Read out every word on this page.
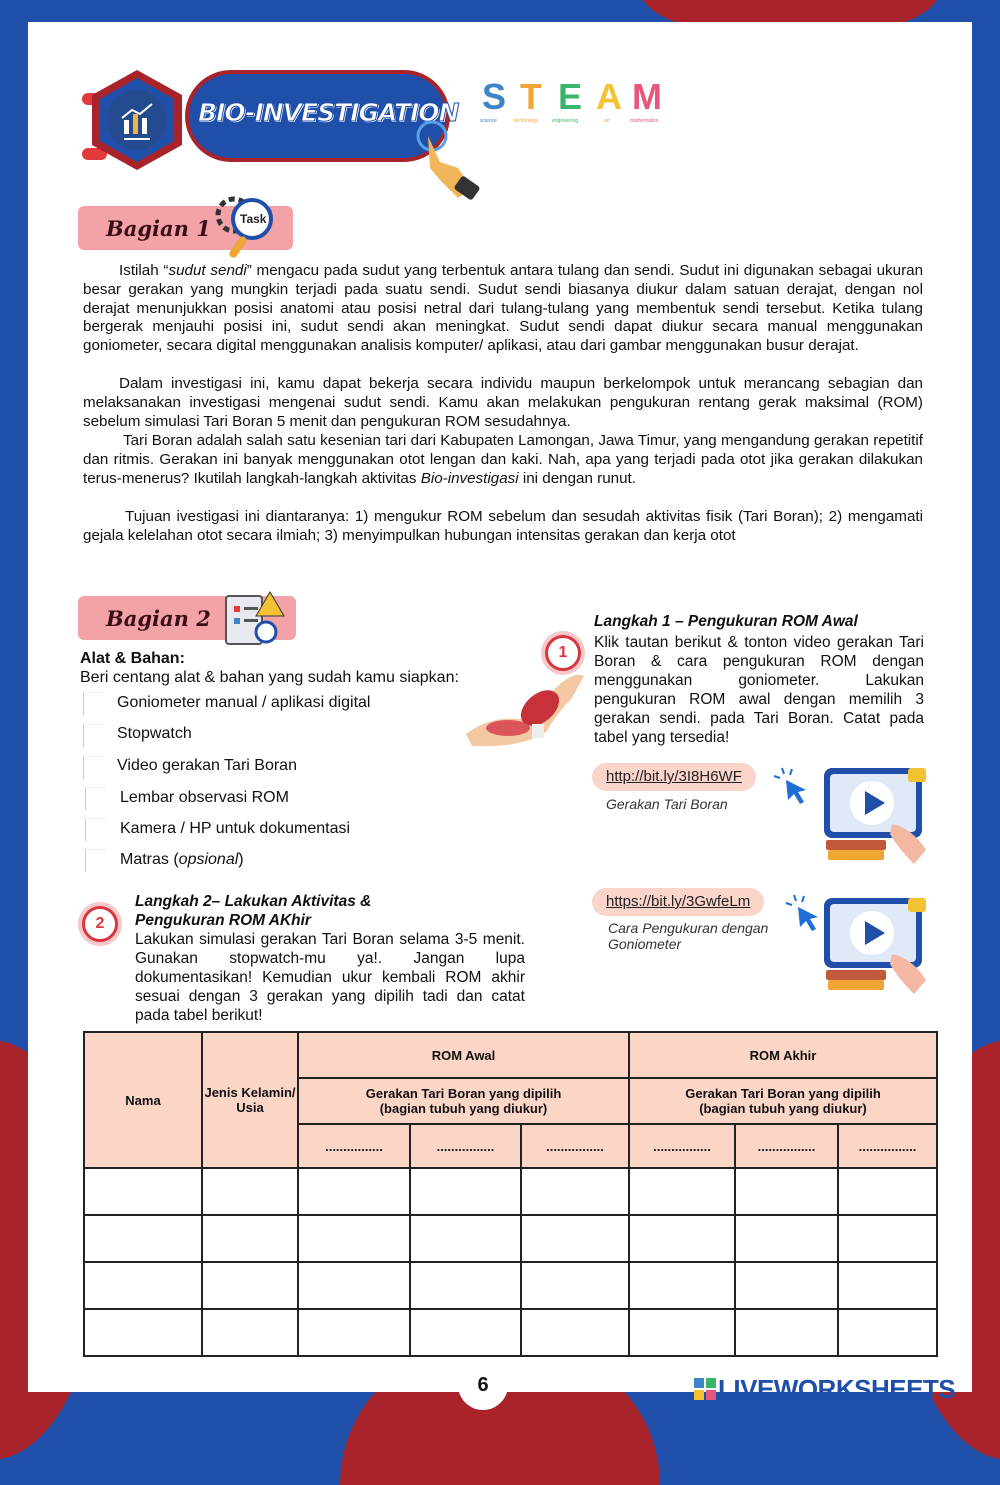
BIO-INVESTIGATION S T E A M
science	technology	engineering	art	mathematics
Bagian 1 Task

Istilah “sudut sendi” mengacu pada sudut yang terbentuk antara tulang dan sendi. Sudut ini digunakan sebagai ukuran besar gerakan yang mungkin terjadi pada suatu sendi. Sudut sendi biasanya diukur dalam satuan derajat, dengan nol derajat menunjukkan posisi anatomi atau posisi netral dari tulang-tulang yang membentuk sendi tersebut. Ketika tulang bergerak menjauhi posisi ini, sudut sendi akan meningkat. Sudut sendi dapat diukur secara manual menggunakan goniometer, secara digital menggunakan analisis komputer/ aplikasi, atau dari gambar menggunakan busur derajat.

Dalam investigasi ini, kamu dapat bekerja secara individu maupun berkelompok untuk merancang sebagian dan melaksanakan investigasi mengenai sudut sendi. Kamu akan melakukan pengukuran rentang gerak maksimal (ROM) sebelum simulasi Tari Boran 5 menit dan pengukuran ROM sesudahnya.

Tari Boran adalah salah satu kesenian tari dari Kabupaten Lamongan, Jawa Timur, yang mengandung gerakan repetitif dan ritmis. Gerakan ini banyak menggunakan otot lengan dan kaki. Nah, apa yang terjadi pada otot jika gerakan dilakukan terus-menerus? Ikutilah langkah-langkah aktivitas Bio-investigasi ini dengan runut.

Tujuan ivestigasi ini diantaranya: 1) mengukur ROM sebelum dan sesudah aktivitas fisik (Tari Boran); 2) mengamati gejala kelelahan otot secara ilmiah; 3) menyimpulkan hubungan intensitas gerakan dan kerja otot

Bagian 2
Alat & Bahan:
Beri centang alat & bahan yang sudah kamu siapkan:
Goniometer manual / aplikasi digital
Stopwatch
Video gerakan Tari Boran
Lembar observasi ROM
Kamera / HP untuk dokumentasi
Matras (opsional)
1
Langkah 1 – Pengukuran ROM Awal

Klik tautan berikut & tonton video gerakan Tari Boran & cara pengukuran ROM dengan menggunakan goniometer. Lakukan pengukuran ROM awal dengan memilih 3 gerakan sendi. pada Tari Boran. Catat pada tabel yang tersedia!

http://bit.ly/3I8H6WF
Gerakan Tari Boran
https://bit.ly/3GwfeLm
Cara Pengukuran dengan Goniometer
2
Langkah 2– Lakukan Aktivitas & Pengukuran ROM AKhir

Lakukan simulasi gerakan Tari Boran selama 3-5 menit. Gunakan stopwatch-mu ya!. Jangan lupa dokumentasikan! Kemudian ukur kembali ROM akhir sesuai dengan 3 gerakan yang dipilih tadi dan catat pada tabel berikut!

Nama	Jenis Kelamin/ Usia	ROM Awal			ROM Akhir		
		Gerakan Tari Boran yang dipilih
(bagian tubuh yang diukur)			Gerakan Tari Boran yang dipilih
(bagian tubuh yang diukur)		
		................	................	................	................	................	................

6	LIVEWORKSHEETS
